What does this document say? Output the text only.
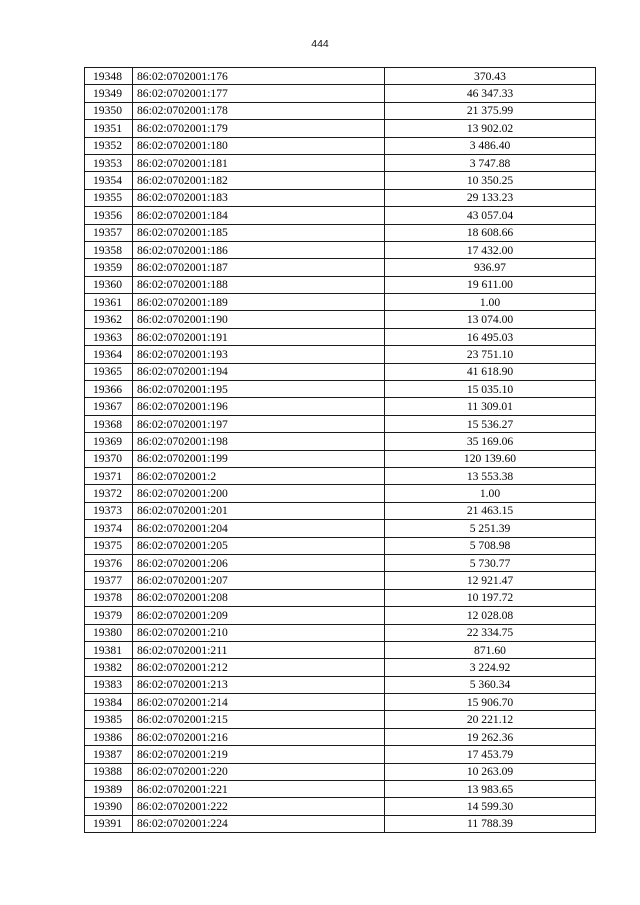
444
19348	86:02:0702001:176	370.43
19349	86:02:0702001:177	46 347.33
19350	86:02:0702001:178	21 375.99
19351	86:02:0702001:179	13 902.02
19352	86:02:0702001:180	3 486.40
19353	86:02:0702001:181	3 747.88
19354	86:02:0702001:182	10 350.25
19355	86:02:0702001:183	29 133.23
19356	86:02:0702001:184	43 057.04
19357	86:02:0702001:185	18 608.66
19358	86:02:0702001:186	17 432.00
19359	86:02:0702001:187	936.97
19360	86:02:0702001:188	19 611.00
19361	86:02:0702001:189	1.00
19362	86:02:0702001:190	13 074.00
19363	86:02:0702001:191	16 495.03
19364	86:02:0702001:193	23 751.10
19365	86:02:0702001:194	41 618.90
19366	86:02:0702001:195	15 035.10
19367	86:02:0702001:196	11 309.01
19368	86:02:0702001:197	15 536.27
19369	86:02:0702001:198	35 169.06
19370	86:02:0702001:199	120 139.60
19371	86:02:0702001:2	13 553.38
19372	86:02:0702001:200	1.00
19373	86:02:0702001:201	21 463.15
19374	86:02:0702001:204	5 251.39
19375	86:02:0702001:205	5 708.98
19376	86:02:0702001:206	5 730.77
19377	86:02:0702001:207	12 921.47
19378	86:02:0702001:208	10 197.72
19379	86:02:0702001:209	12 028.08
19380	86:02:0702001:210	22 334.75
19381	86:02:0702001:211	871.60
19382	86:02:0702001:212	3 224.92
19383	86:02:0702001:213	5 360.34
19384	86:02:0702001:214	15 906.70
19385	86:02:0702001:215	20 221.12
19386	86:02:0702001:216	19 262.36
19387	86:02:0702001:219	17 453.79
19388	86:02:0702001:220	10 263.09
19389	86:02:0702001:221	13 983.65
19390	86:02:0702001:222	14 599.30
19391	86:02:0702001:224	11 788.39
